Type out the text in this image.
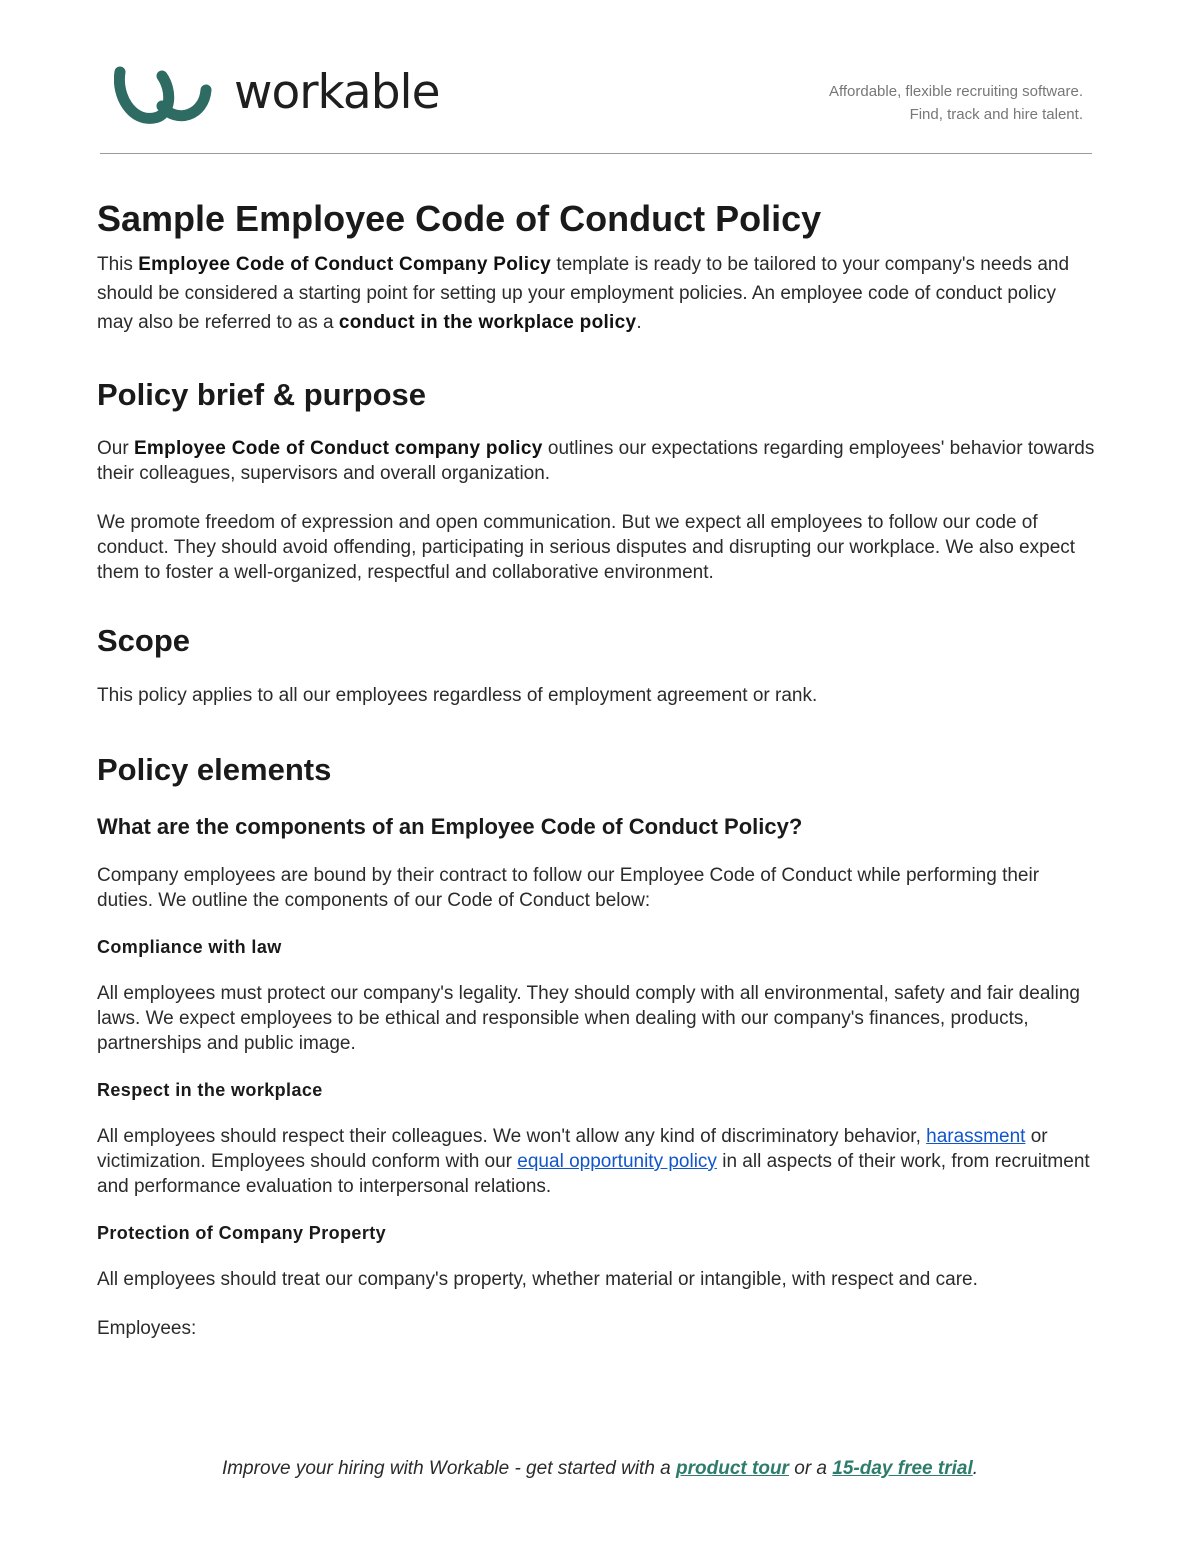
workable	Affordable, flexible recruiting software.
Find, track and hire talent.
Sample Employee Code of Conduct Policy

This Employee Code of Conduct Company Policy template is ready to be tailored to your company's needs and should be considered a starting point for setting up your employment policies. An employee code of conduct policy may also be referred to as a conduct in the workplace policy.

Policy brief & purpose

Our Employee Code of Conduct company policy outlines our expectations regarding employees' behavior towards their colleagues, supervisors and overall organization.

We promote freedom of expression and open communication. But we expect all employees to follow our code of conduct. They should avoid offending, participating in serious disputes and disrupting our workplace. We also expect them to foster a well-organized, respectful and collaborative environment.

Scope

This policy applies to all our employees regardless of employment agreement or rank.

Policy elements
What are the components of an Employee Code of Conduct Policy?

Company employees are bound by their contract to follow our Employee Code of Conduct while performing their duties. We outline the components of our Code of Conduct below:

Compliance with law

All employees must protect our company's legality. They should comply with all environmental, safety and fair dealing laws. We expect employees to be ethical and responsible when dealing with our company's finances, products, partnerships and public image.

Respect in the workplace

All employees should respect their colleagues. We won't allow any kind of discriminatory behavior, harassment or victimization. Employees should conform with our equal opportunity policy in all aspects of their work, from recruitment and performance evaluation to interpersonal relations.

Protection of Company Property

All employees should treat our company's property, whether material or intangible, with respect and care.

Employees:

Improve your hiring with Workable - get started with a product tour or a 15-day free trial.
